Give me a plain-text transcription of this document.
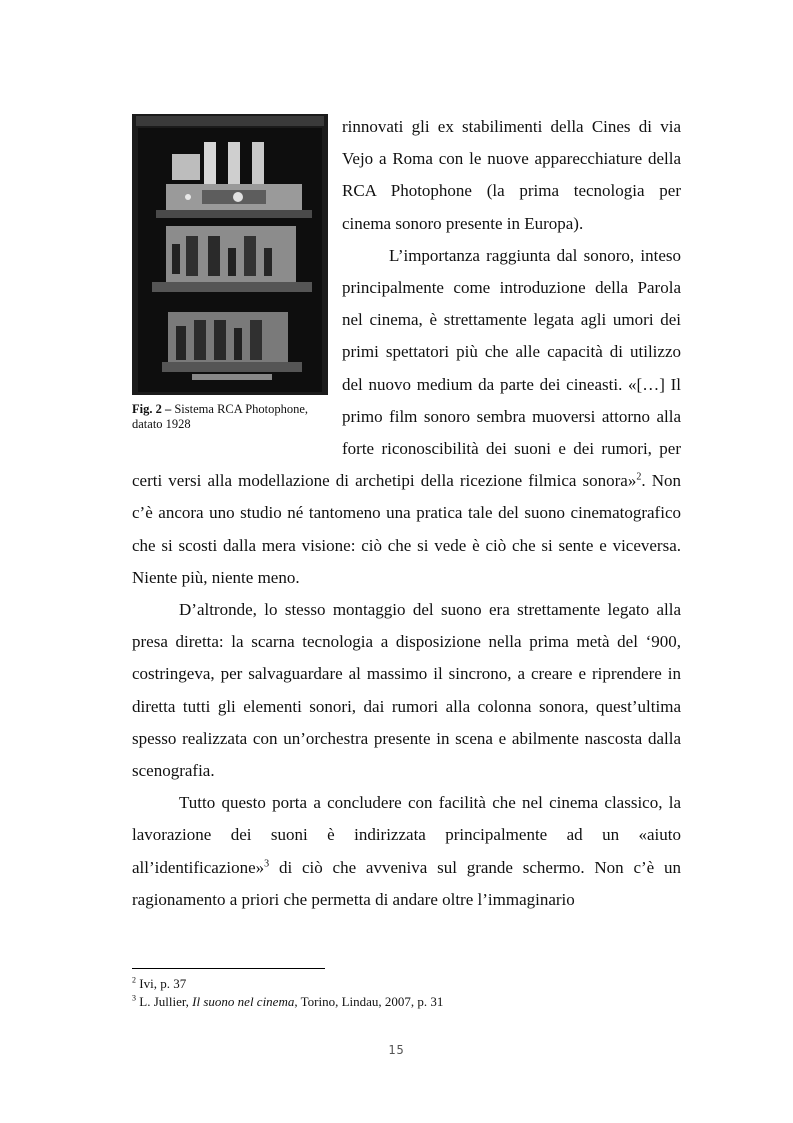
Fig. 2 – Sistema RCA Photophone, datato 1928

rinnovati gli ex stabilimenti della Cines di via Vejo a Roma con le nuove apparecchiature della RCA Photophone (la prima tecnologia per cinema sonoro presente in Europa).

L’importanza raggiunta dal sonoro, inteso principalmente come introduzione della Parola nel cinema, è strettamente legata agli umori dei primi spettatori più che alle capacità di utilizzo del nuovo medium da parte dei cineasti. «[…] Il primo film sonoro sembra muoversi attorno alla forte riconoscibilità dei suoni e dei rumori, per certi versi alla modellazione di archetipi della ricezione filmica sonora»$^2$. Non c’è ancora uno studio né tantomeno una pratica tale del suono cinematografico che si scosti dalla mera visione: ciò che si vede è ciò che si sente e viceversa. Niente più, niente meno.

D’altronde, lo stesso montaggio del suono era strettamente legato alla presa diretta: la scarna tecnologia a disposizione nella prima metà del ‘900, costringeva, per salvaguardare al massimo il sincrono, a creare e riprendere in diretta tutti gli elementi sonori, dai rumori alla colonna sonora, quest’ultima spesso realizzata con un’orchestra presente in scena e abilmente nascosta dalla scenografia.

Tutto questo porta a concludere con facilità che nel cinema classico, la lavorazione dei suoni è indirizzata principalmente ad un «aiuto all’identificazione»$^3$ di ciò che avveniva sul grande schermo. Non c’è un ragionamento a priori che permetta di andare oltre l’immaginario

$^2$ Ivi, p. 37

$^3$ L. Jullier, Il suono nel cinema, Torino, Lindau, 2007, p. 31

15
